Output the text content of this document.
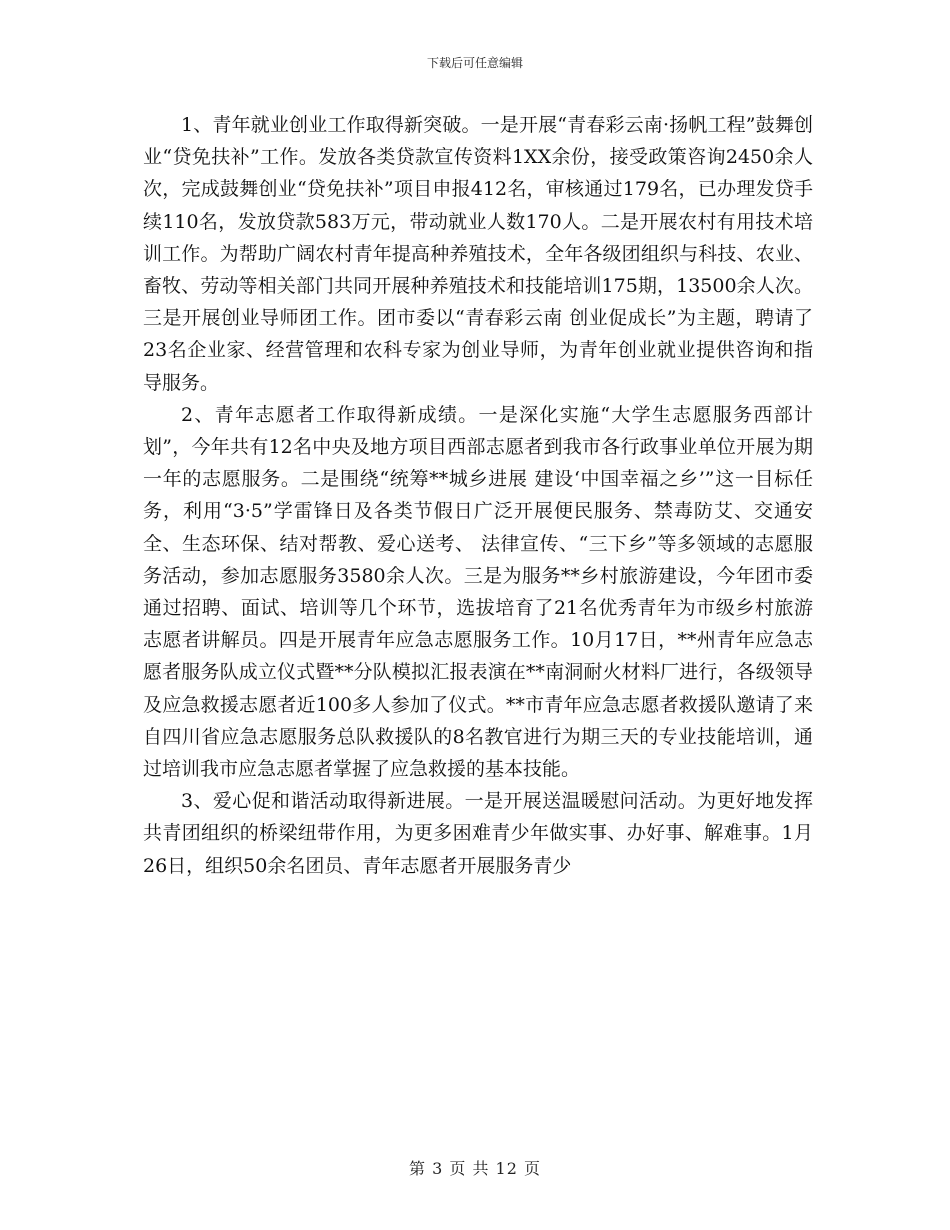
下载后可任意编辑

1、青年就业创业工作取得新突破。一是开展“青春彩云南·扬帆工程”鼓舞创业“贷免扶补”工作。发放各类贷款宣传资料1XX余份，接受政策咨询2450余人次，完成鼓舞创业“贷免扶补”项目申报412名，审核通过179名，已办理发贷手续110名，发放贷款583万元，带动就业人数170人。二是开展农村有用技术培训工作。为帮助广阔农村青年提高种养殖技术，全年各级团组织与科技、农业、畜牧、劳动等相关部门共同开展种养殖技术和技能培训175期，13500余人次。三是开展创业导师团工作。团市委以“青春彩云南 创业促成长”为主题，聘请了23名企业家、经营管理和农科专家为创业导师，为青年创业就业提供咨询和指导服务。

2、青年志愿者工作取得新成绩。一是深化实施“大学生志愿服务西部计划”，今年共有12名中央及地方项目西部志愿者到我市各行政事业单位开展为期一年的志愿服务。二是围绕“统筹**城乡进展 建设‘中国幸福之乡’”这一目标任务，利用“3·5”学雷锋日及各类节假日广泛开展便民服务、禁毒防艾、交通安全、生态环保、结对帮教、爱心送考、 法律宣传、“三下乡”等多领域的志愿服务活动，参加志愿服务3580余人次。三是为服务**乡村旅游建设，今年团市委通过招聘、面试、培训等几个环节，选拔培育了21名优秀青年为市级乡村旅游志愿者讲解员。四是开展青年应急志愿服务工作。10月17日，**州青年应急志愿者服务队成立仪式暨**分队模拟汇报表演在**南洞耐火材料厂进行，各级领导及应急救援志愿者近100多人参加了仪式。**市青年应急志愿者救援队邀请了来自四川省应急志愿服务总队救援队的8名教官进行为期三天的专业技能培训，通过培训我市应急志愿者掌握了应急救援的基本技能。

3、爱心促和谐活动取得新进展。一是开展送温暖慰问活动。为更好地发挥共青团组织的桥梁纽带作用，为更多困难青少年做实事、办好事、解难事。1月26日，组织50余名团员、青年志愿者开展服务青少

第 3 页 共 12 页
